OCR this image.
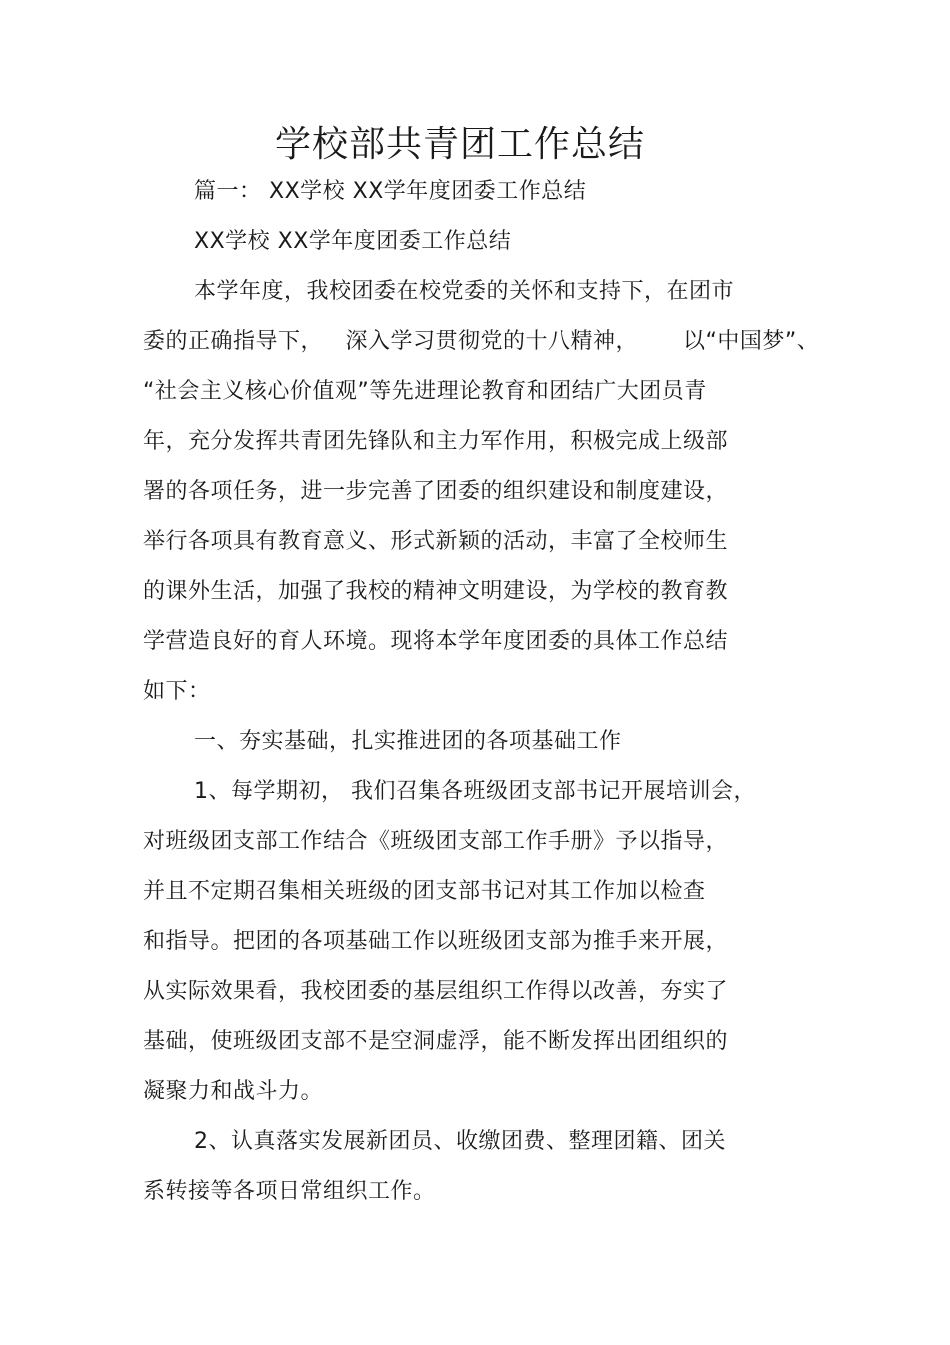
学校部共青团工作总结
篇一： XX学校 XX学年度团委工作总结
XX学校 XX学年度团委工作总结
本学年度，我校团委在校党委的关怀和支持下，在团市
委的正确指导下，   深入学习贯彻党的十八精神，      以“中国梦”、
“社会主义核心价值观”等先进理论教育和团结广大团员青
年，充分发挥共青团先锋队和主力军作用，积极完成上级部
署的各项任务，进一步完善了团委的组织建设和制度建设，
举行各项具有教育意义、形式新颖的活动，丰富了全校师生
的课外生活，加强了我校的精神文明建设，为学校的教育教
学营造良好的育人环境。现将本学年度团委的具体工作总结
如下：
一、夯实基础，扎实推进团的各项基础工作
1、每学期初， 我们召集各班级团支部书记开展培训会，
对班级团支部工作结合《班级团支部工作手册》予以指导，
并且不定期召集相关班级的团支部书记对其工作加以检查
和指导。把团的各项基础工作以班级团支部为推手来开展，
从实际效果看，我校团委的基层组织工作得以改善，夯实了
基础，使班级团支部不是空洞虚浮，能不断发挥出团组织的
凝聚力和战斗力。
2、认真落实发展新团员、收缴团费、整理团籍、团关
系转接等各项日常组织工作。
